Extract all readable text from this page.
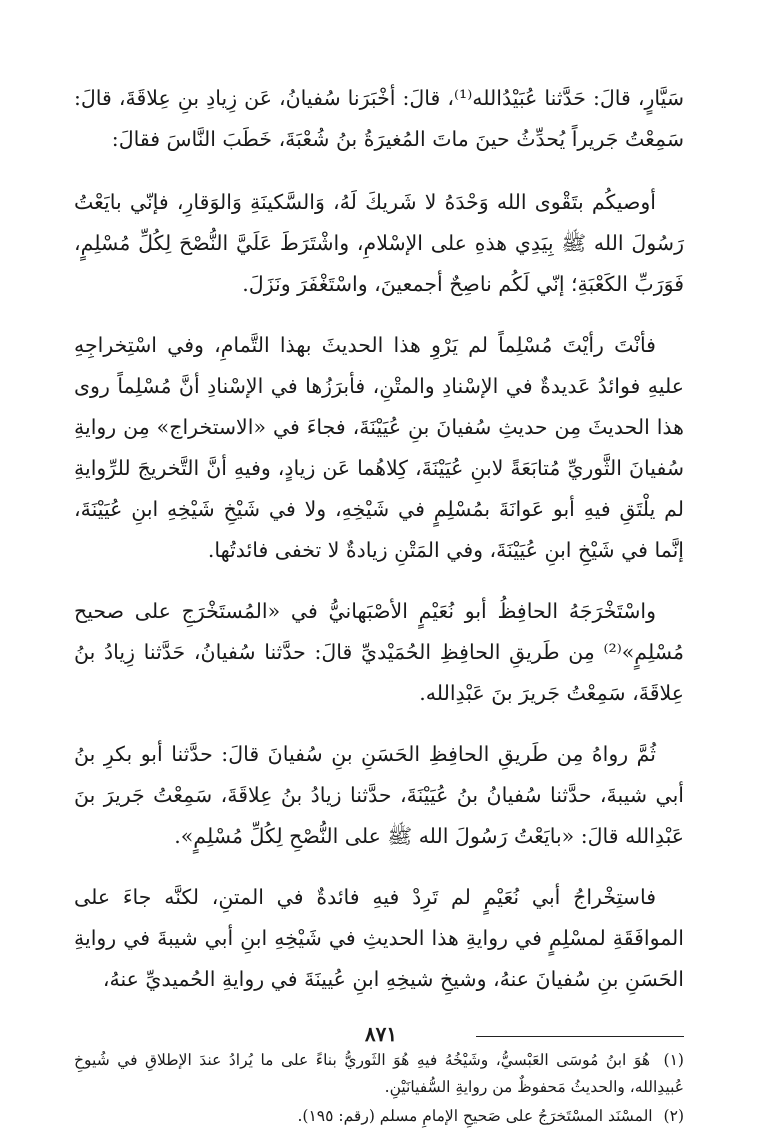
سَيَّارٍ، قالَ: حَدَّثنا عُبَيْدُالله⁽¹⁾، قالَ: أخْبَرَنا سُفيانُ، عَن زِيادِ بنِ عِلاقَةَ، قالَ: سَمِعْتُ جَريراً يُحدِّثُ حينَ ماتَ المُغيرَةُ بنُ شُعْبَةَ، خَطَبَ النَّاسَ فقالَ:

أوصيكُم بتَقْوى الله وَحْدَهُ لا شَريكَ لَهُ، وَالسَّكينَةِ وَالوَقارِ، فإنّي بايَعْتُ رَسُولَ الله ﷺ بِيَدِي هذهِ على الإسْلامِ، واشْتَرَطَ عَلَيَّ النُّصْحَ لِكُلِّ مُسْلِمٍ، فَوَرَبِّ الكَعْبَةِ؛ إنّي لَكُم ناصِحٌ أجمعينَ، واسْتَغْفَرَ ونَزَلَ.

فأنْتَ رأيْتَ مُسْلِماً لم يَرْوِ هذا الحديثَ بهذا التَّمامِ، وفي اسْتِخراجِهِ عليهِ فوائدُ عَديدةٌ في الإسْنادِ والمتْنِ، فأبرَزُها في الإسْنادِ أنَّ مُسْلِماً روى هذا الحديثَ مِن حديثِ سُفيانَ بنِ عُيَيْنَةَ، فجاءَ في «الاستخراج» مِن روايةِ سُفيانَ الثَّوريِّ مُتابَعَةً لابنِ عُيَيْنَةَ، كِلاهُما عَن زيادٍ، وفيهِ أنَّ التَّخريجَ للرِّوايةِ لم يلْتَقِ فيهِ أبو عَوانَةَ بمُسْلِمٍ في شَيْخِهِ، ولا في شَيْخِ شَيْخِهِ ابنِ عُيَيْنَةَ، إنَّما في شَيْخِ ابنِ عُيَيْنَةَ، وفي المَتْنِ زيادةٌ لا تخفى فائدتُها.

واسْتَخْرَجَهُ الحافِظُ أبو نُعَيْمٍ الأصْبَهانيُّ في «المُستَخْرَجِ على صحيح مُسْلِمٍ»⁽²⁾ مِن طَريقِ الحافِظِ الحُمَيْديِّ قالَ: حدَّثنا سُفيانُ، حَدَّثنا زِيادُ بنُ عِلاقَةَ، سَمِعْتُ جَريرَ بنَ عَبْدِالله.

ثُمَّ رواهُ مِن طَريقِ الحافِظِ الحَسَنِ بنِ سُفيانَ قالَ: حدَّثنا أبو بكرِ بنُ أبي شيبةَ، حدَّثنا سُفيانُ بنُ عُيَيْنَةَ، حدَّثنا زيادُ بنُ عِلاقَةَ، سَمِعْتُ جَريرَ بنَ عَبْدِالله قالَ: «بايَعْتُ رَسُولَ الله ﷺ على النُّصْحِ لِكُلِّ مُسْلِمٍ».

فاستِخْراجُ أبي نُعَيْمٍ لم تَرِدْ فيهِ فائدةٌ في المتنِ، لكنَّه جاءَ على الموافَقَةِ لمسْلِمٍ في روايةِ هذا الحديثِ في شَيْخِهِ ابنِ أبي شيبةَ في روايةِ الحَسَنِ بنِ سُفيانَ عنهُ، وشيخِ شيخِهِ ابنِ عُيينَةَ في روايةِ الحُميديِّ عنهُ،

(١) هُوَ ابنُ مُوسَى العَبْسيُّ، وشَيْخُهُ فيهِ هُوَ الثَوريُّ بناءً على ما يُرادُ عندَ الإطلاقِ في شُيوخِ عُبيدِالله، والحديثُ مَحفوظٌ من روايةِ السُّفيانَيْنِ.

(٢) المسْنَد المسْتَخرَجُ على صَحيحِ الإمامِ مسلم (رقم: ١٩٥).

٨٧١
